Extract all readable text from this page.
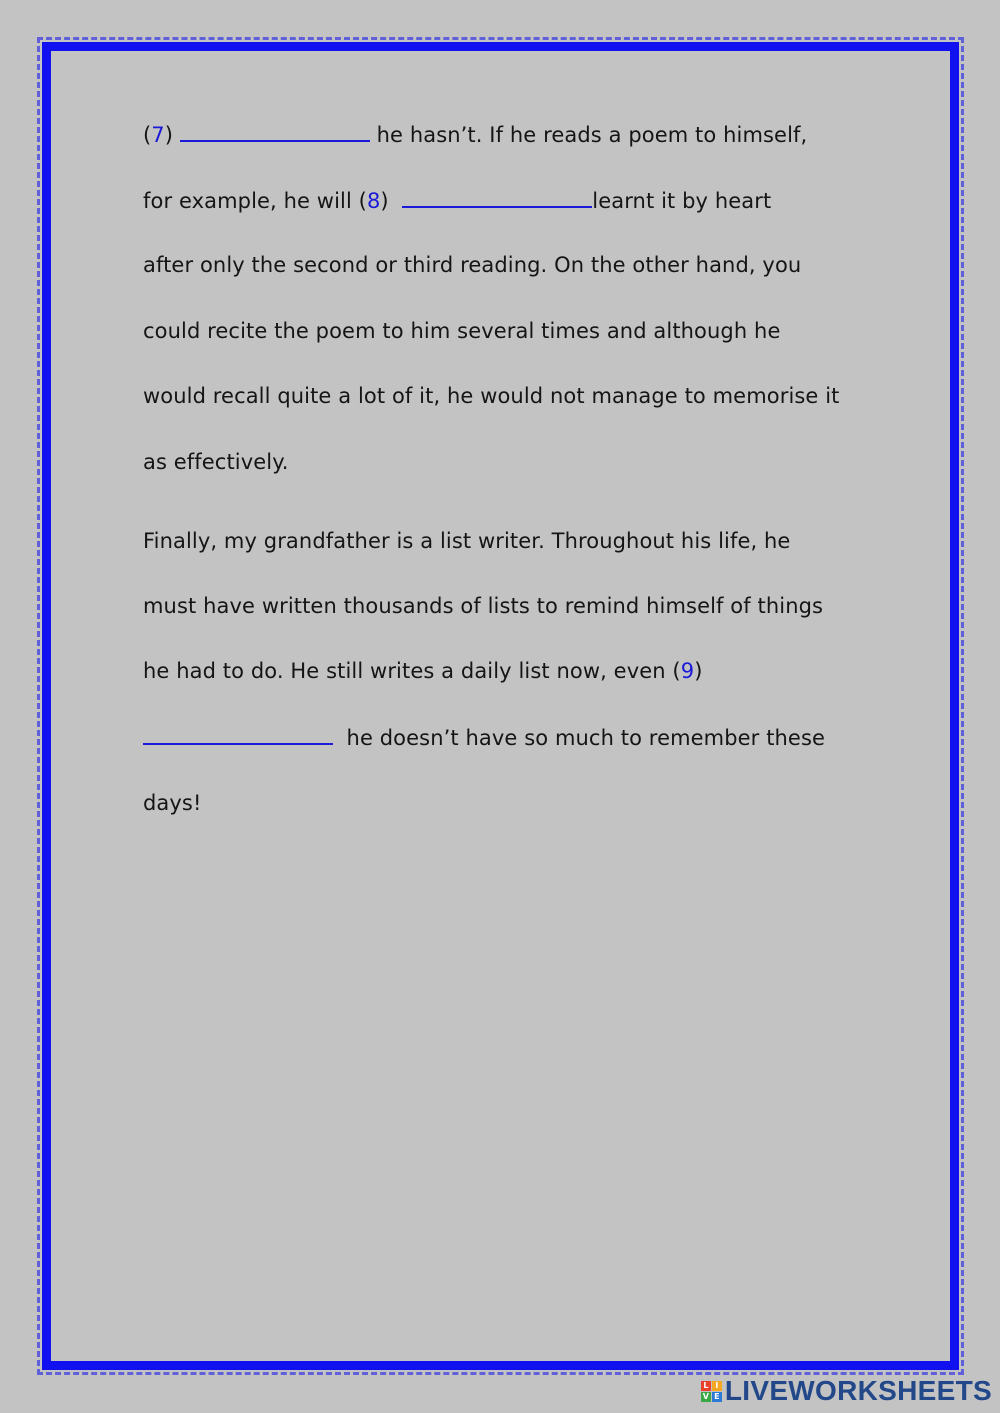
(7)	he hasn’t. If he reads a poem to himself,
for example, he will (8)	learnt it by heart
after only the second or third reading. On the other hand, you
could recite the poem to him several times and although he
would recall quite a lot of it, he would not manage to memorise it
as effectively.
Finally, my grandfather is a list writer. Throughout his life, he
must have written thousands of lists to remind himself of things
he had to do. He still writes a daily list now, even (9)
he doesn’t have so much to remember these
days!
L I
V E LIVEWORKSHEETS
